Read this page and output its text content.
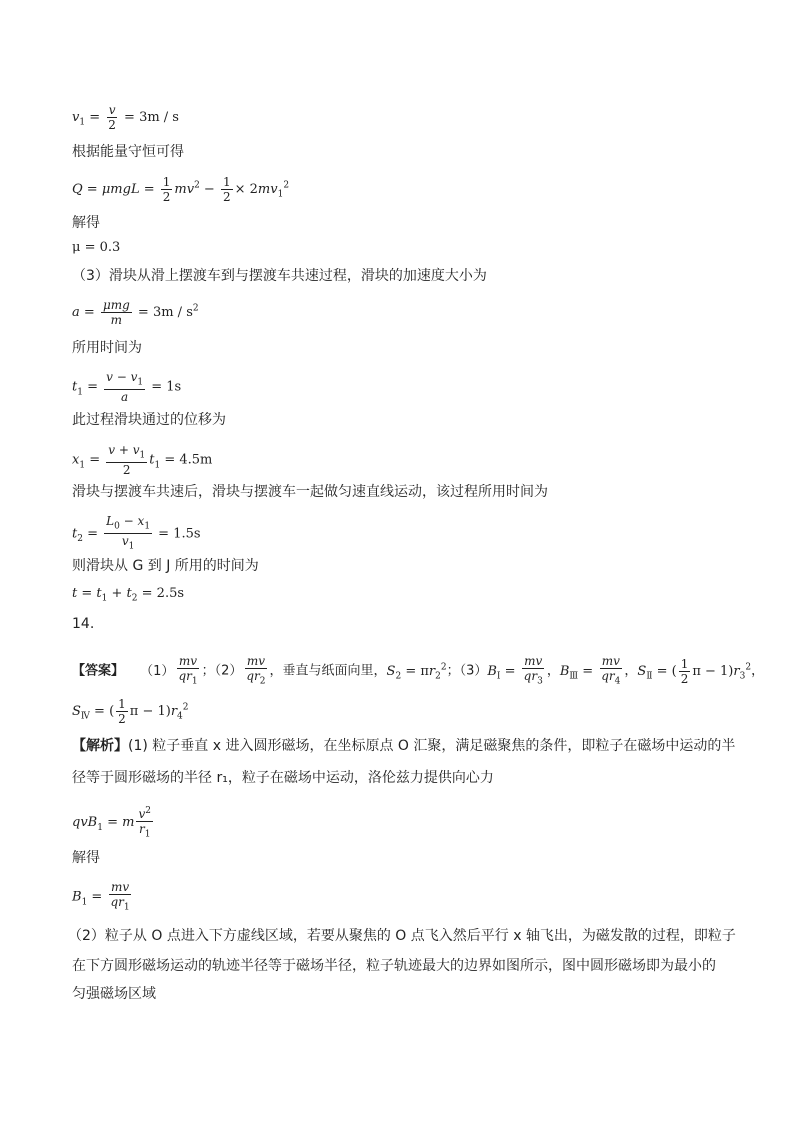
$v_1 = \frac{v}{2} = 3m / s$
根据能量守恒可得
$Q = \mu mgL = \frac{1}{2} mv^2 - \frac{1}{2} \times 2mv_1^2$
解得
μ = 0.3
（3）滑块从滑上摆渡车到与摆渡车共速过程，滑块的加速度大小为
$a = \frac{\text{μmg}}{m} = 3m / s^2$
所用时间为
$t_1 = \frac{v - v_1}{a} = 1s$
此过程滑块通过的位移为
$x_1 = \frac{v + v_1}{2} t_1 = 4.5m$
滑块与摆渡车共速后，滑块与摆渡车一起做匀速直线运动，该过程所用时间为
$t_2 = \frac{L_0 - x_1}{v_1} = 1.5s$
则滑块从 G 到 J 所用的时间为
$t = t_1 + t_2 = 2.5s$
14.
【答案】 $(1) \frac{mv}{qr_1}$ ；$(2) \frac{mv}{qr_2}$ ，垂直与纸面向里，$S_2 = \pi r_2^2$；$(3)B_Ⅰ = \frac{mv}{qr_3}$ ，$B_Ⅲ = \frac{mv}{qr_4}$ ，$S_Ⅱ$ = ( $\frac{1}{2}$ $\pi - 1)r_3^2$，
$S_Ⅳ$ = ( $\frac{1}{2}$ $\pi - 1)r_4^2$
【解析】(1) 粒子垂直 x 进入圆形磁场，在坐标原点 O 汇聚，满足磁聚焦的条件，即粒子在磁场中运动的半
径等于圆形磁场的半径 r₁，粒子在磁场中运动，洛伦兹力提供向心力
qvB$_1$ = m $\frac{v^2}{r_1}$
解得
$B_1 = \frac{mv}{qr_1}$
（2）粒子从 O 点进入下方虚线区域，若要从聚焦的 O 点飞入然后平行 x 轴飞出，为磁发散的过程，即粒子
在下方圆形磁场运动的轨迹半径等于磁场半径，粒子轨迹最大的边界如图所示，图中圆形磁场即为最小的
匀强磁场区域
